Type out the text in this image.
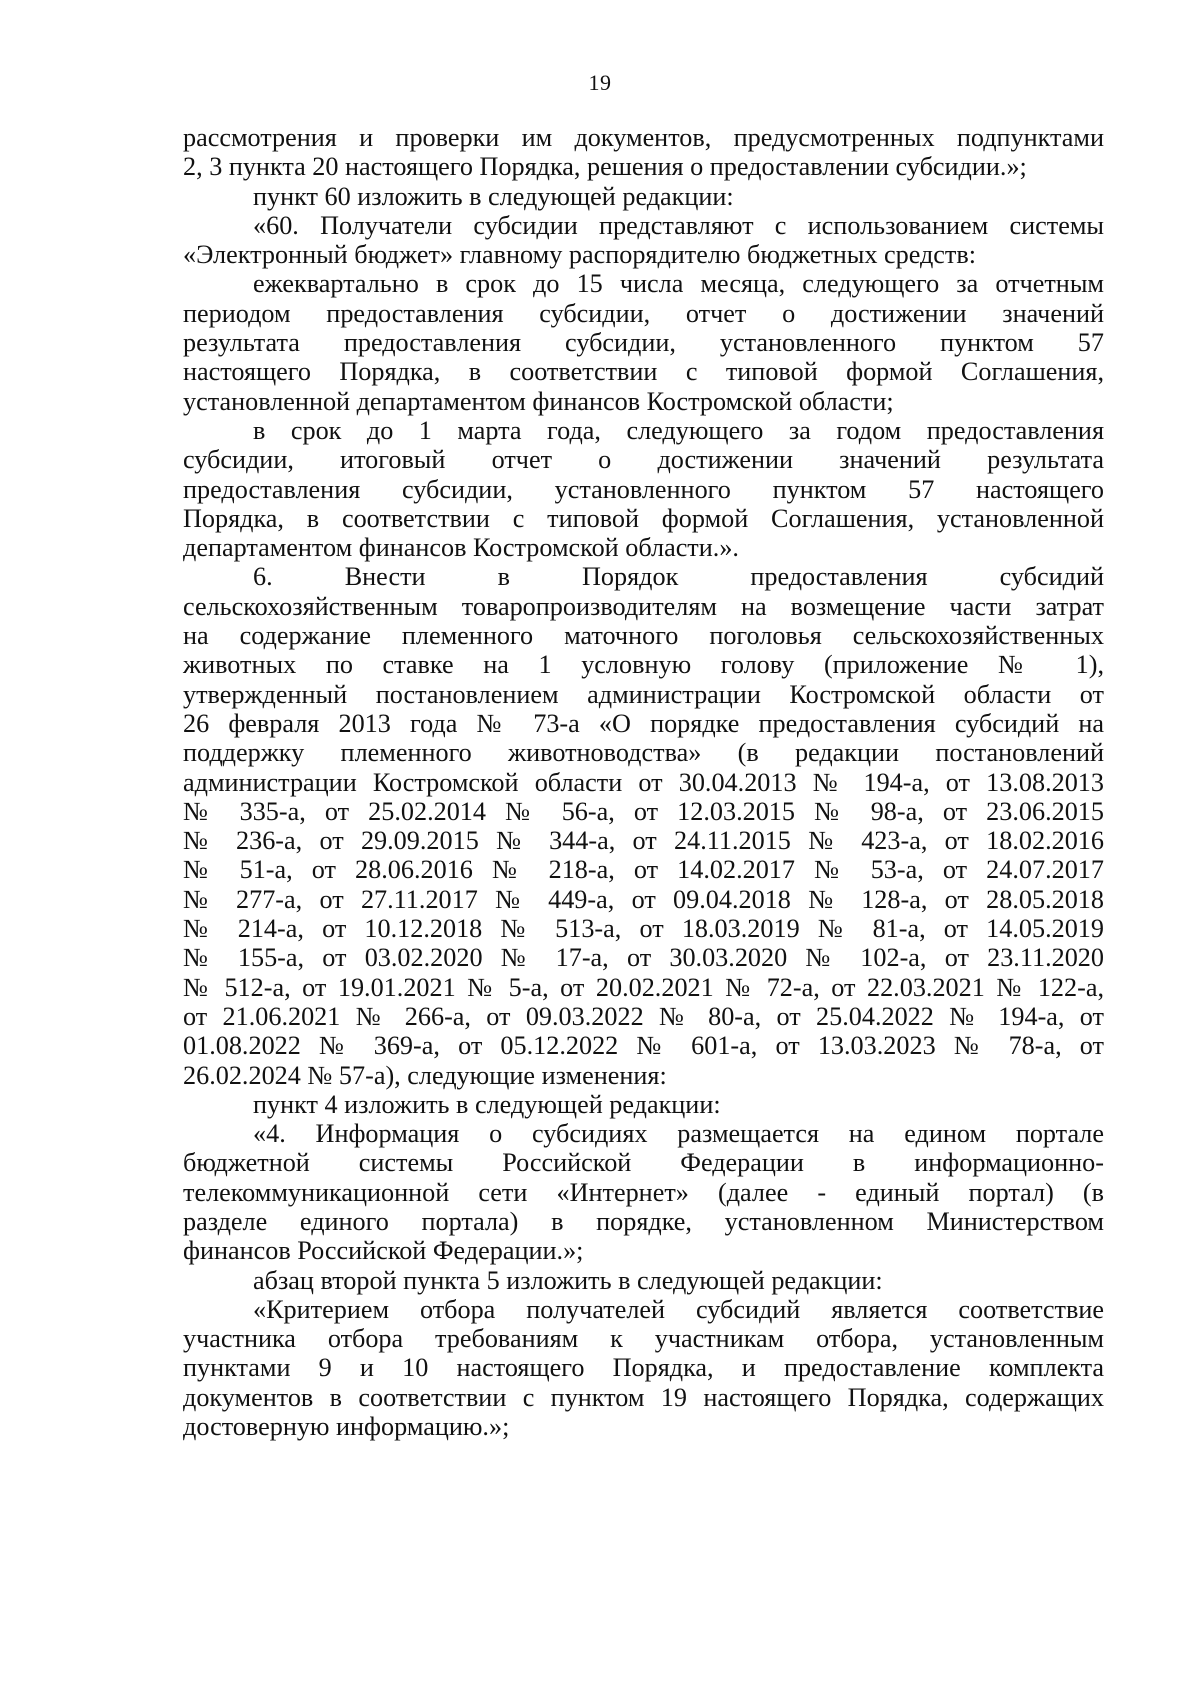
19
рассмотрения и проверки им документов, предусмотренных подпунктами
2, 3 пункта 20 настоящего Порядка, решения о предоставлении субсидии.»;
пункт 60 изложить в следующей редакции:
«60. Получатели субсидии представляют с использованием системы
«Электронный бюджет» главному распорядителю бюджетных средств:
ежеквартально в срок до 15 числа месяца, следующего за отчетным
периодом предоставления субсидии, отчет о достижении значений
результата предоставления субсидии, установленного пунктом 57
настоящего Порядка, в соответствии с типовой формой Соглашения,
установленной департаментом финансов Костромской области;
в срок до 1 марта года, следующего за годом предоставления
субсидии, итоговый отчет о достижении значений результата
предоставления субсидии, установленного пунктом 57 настоящего
Порядка, в соответствии с типовой формой Соглашения, установленной
департаментом финансов Костромской области.».
6. Внести в Порядок предоставления субсидий
сельскохозяйственным товаропроизводителям на возмещение части затрат
на содержание племенного маточного поголовья сельскохозяйственных
животных по ставке на 1 условную голову (приложение № 1),
утвержденный постановлением администрации Костромской области от
26 февраля 2013 года № 73-а «О порядке предоставления субсидий на
поддержку племенного животноводства» (в редакции постановлений
администрации Костромской области от 30.04.2013 № 194-а, от 13.08.2013
№ 335-а, от 25.02.2014 № 56-а, от 12.03.2015 № 98-а, от 23.06.2015
№ 236-а, от 29.09.2015 № 344-а, от 24.11.2015 № 423-а, от 18.02.2016
№ 51-а, от 28.06.2016 № 218-а, от 14.02.2017 № 53-а, от 24.07.2017
№ 277-а, от 27.11.2017 № 449-а, от 09.04.2018 № 128-а, от 28.05.2018
№ 214-а, от 10.12.2018 № 513-а, от 18.03.2019 № 81-а, от 14.05.2019
№ 155-а, от 03.02.2020 № 17-а, от 30.03.2020 № 102-а, от 23.11.2020
№ 512-а, от 19.01.2021 № 5-а, от 20.02.2021 № 72-а, от 22.03.2021 № 122-а,
от 21.06.2021 № 266-а, от 09.03.2022 № 80-а, от 25.04.2022 № 194-а, от
01.08.2022 № 369-а, от 05.12.2022 № 601-а, от 13.03.2023 № 78-а, от
26.02.2024 № 57-а), следующие изменения:
пункт 4 изложить в следующей редакции:
«4. Информация о субсидиях размещается на едином портале
бюджетной системы Российской Федерации в информационно-
телекоммуникационной сети «Интернет» (далее - единый портал) (в
разделе единого портала) в порядке, установленном Министерством
финансов Российской Федерации.»;
абзац второй пункта 5 изложить в следующей редакции:
«Критерием отбора получателей субсидий является соответствие
участника отбора требованиям к участникам отбора, установленным
пунктами 9 и 10 настоящего Порядка, и предоставление комплекта
документов в соответствии с пунктом 19 настоящего Порядка, содержащих
достоверную информацию.»;
